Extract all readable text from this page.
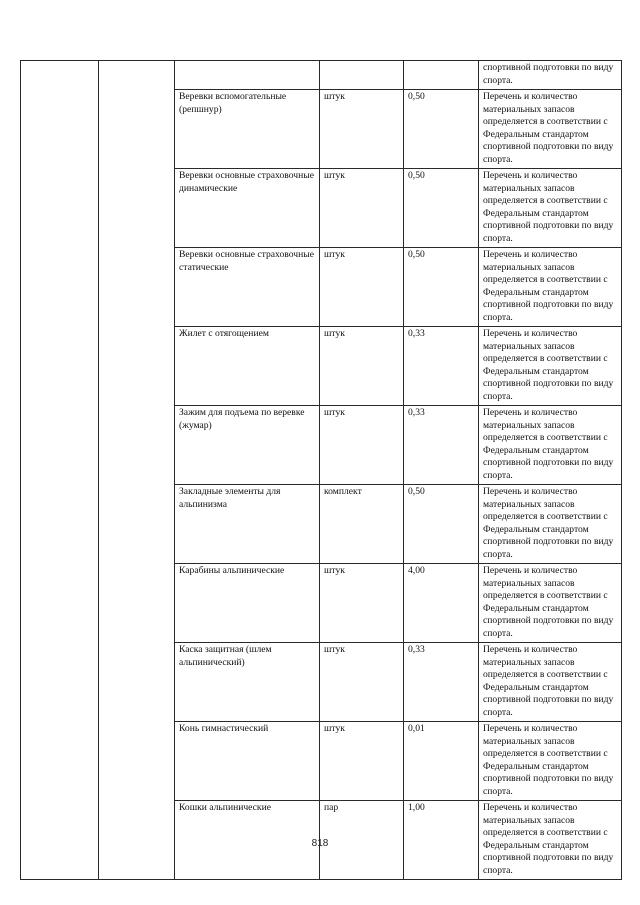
					спортивной подготовки по виду спорта.
		Веревки вспомогательные (репшнур)	штук	0,50	Перечень и количество материальных запасов определяется в соответствии с Федеральным стандартом спортивной подготовки по виду спорта.
		Веревки основные страховочные динамические	штук	0,50	Перечень и количество материальных запасов определяется в соответствии с Федеральным стандартом спортивной подготовки по виду спорта.
		Веревки основные страховочные статические	штук	0,50	Перечень и количество материальных запасов определяется в соответствии с Федеральным стандартом спортивной подготовки по виду спорта.
		Жилет с отягощением	штук	0,33	Перечень и количество материальных запасов определяется в соответствии с Федеральным стандартом спортивной подготовки по виду спорта.
		Зажим для подъема по веревке (жумар)	штук	0,33	Перечень и количество материальных запасов определяется в соответствии с Федеральным стандартом спортивной подготовки по виду спорта.
		Закладные элементы для альпинизма	комплект	0,50	Перечень и количество материальных запасов определяется в соответствии с Федеральным стандартом спортивной подготовки по виду спорта.
		Карабины альпинические	штук	4,00	Перечень и количество материальных запасов определяется в соответствии с Федеральным стандартом спортивной подготовки по виду спорта.
		Каска защитная (шлем альпинический)	штук	0,33	Перечень и количество материальных запасов определяется в соответствии с Федеральным стандартом спортивной подготовки по виду спорта.
		Конь гимнастический	штук	0,01	Перечень и количество материальных запасов определяется в соответствии с Федеральным стандартом спортивной подготовки по виду спорта.
		Кошки альпинические	пар	1,00	Перечень и количество материальных запасов определяется в соответствии с Федеральным стандартом спортивной подготовки по виду спорта.
818
